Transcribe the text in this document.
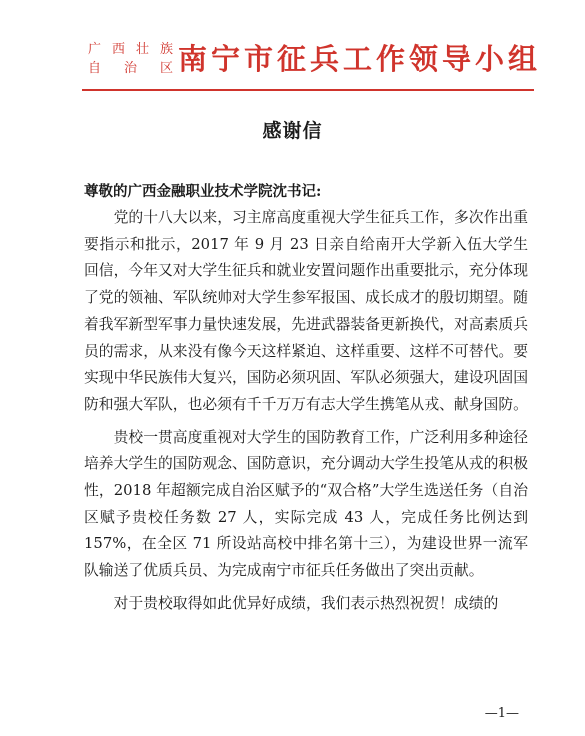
广西壮族
自治区 南宁市征兵工作领导小组
感谢信
尊敬的广西金融职业技术学院沈书记:

党的十八大以来，习主席高度重视大学生征兵工作，多次作出重要指示和批示，2017 年 9 月 23 日亲自给南开大学新入伍大学生回信，今年又对大学生征兵和就业安置问题作出重要批示，充分体现了党的领袖、军队统帅对大学生参军报国、成长成才的殷切期望。随着我军新型军事力量快速发展，先进武器装备更新换代，对高素质兵员的需求，从来没有像今天这样紧迫、这样重要、这样不可替代。要实现中华民族伟大复兴，国防必须巩固、军队必须强大，建设巩固国防和强大军队，也必须有千千万万有志大学生携笔从戎、献身国防。

贵校一贯高度重视对大学生的国防教育工作，广泛利用多种途径培养大学生的国防观念、国防意识，充分调动大学生投笔从戎的积极性，2018 年超额完成自治区赋予的“双合格”大学生选送任务（自治区赋予贵校任务数 27 人，实际完成 43 人，完成任务比例达到 157%，在全区 71 所设站高校中排名第十三），为建设世界一流军队输送了优质兵员、为完成南宁市征兵任务做出了突出贡献。

对于贵校取得如此优异好成绩，我们表示热烈祝贺！成绩的

—1—
